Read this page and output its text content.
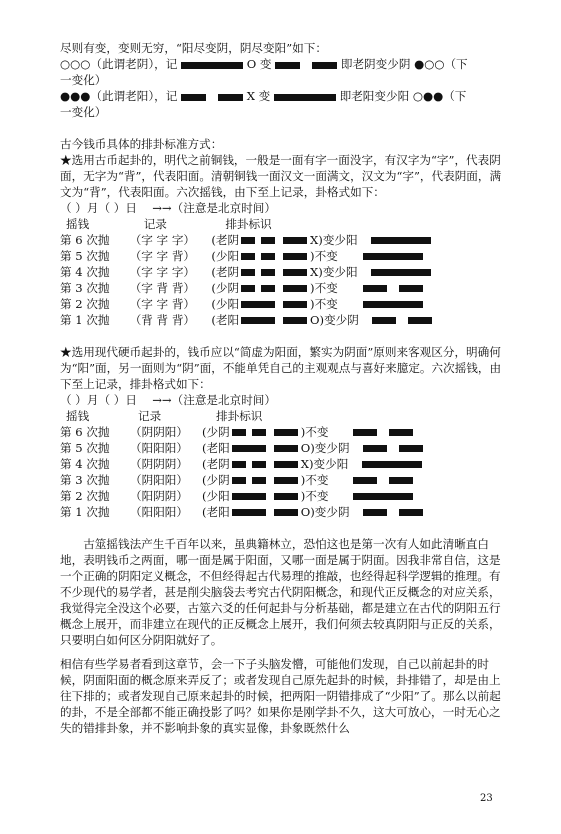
尽则有变，变则无穷，“阳尽变阴，阴尽变阳”如下：
○○○（此谓老阴），记	O 变	即老阴变少阴 ●○○（下
一变化）
●●●（此谓老阳），记	X 变	即老阳变少阳 ○●●（下
一变化）
古今钱币具体的排卦标准方式：
★选用古币起卦的，明代之前铜钱，一般是一面有字一面没字，有汉字为“字”，代表阴面，无字为“背”，代表阳面。清朝铜钱一面汉文一面满文，汉文为“字”，代表阴面，满文为“背”，代表阳面。六次摇钱，由下至上记录，卦格式如下：
（ ）月（ ）日　 →→（注意是北京时间）
摇钱	记录	排卦标识
第 6 次抛	（字 字 字）	(老阴	X) 变少阳
第 5 次抛	（字 字 背）	(少阳	) 不变
第 4 次抛	（字 字 字）	(老阴	X) 变少阳
第 3 次抛	（字 背 背）	(少阴	) 不变
第 2 次抛	（字 字 背）	(少阳	) 不变
第 1 次抛	（背 背 背）	(老阳	O) 变少阴
★选用现代硬币起卦的，钱币应以“简虚为阳面，繁实为阴面”原则来客观区分，明确何为“阳”面，另一面则为“阴”面，不能单凭自己的主观观点与喜好来臆定。六次摇钱，由下至上记录，排卦格式如下：
（ ）月（ ）日　 →→（注意是北京时间）
摇钱	记录	排卦标识
第 6 次抛	（阴阴阳）	(少阴	) 不变
第 5 次抛	（阳阳阳）	(老阳	O) 变少阴
第 4 次抛	（阴阴阴）	(老阴	X) 变少阳
第 3 次抛	（阴阳阳）	(少阴	) 不变
第 2 次抛	（阳阴阴）	(少阳	) 不变
第 1 次抛	（阳阳阳）	(老阳	O) 变少阴
古筮摇钱法产生千百年以来，虽典籍林立，恐怕这也是第一次有人如此清晰直白地，表明钱币之两面，哪一面是属于阳面，又哪一面是属于阴面。因我非常自信，这是一个正确的阴阳定义概念，不但经得起古代易理的推敲，也经得起科学逻辑的推理。有不少现代的易学者，甚是削尖脑袋去考究古代阴阳概念，和现代正反概念的对应关系，我觉得完全没这个必要，古筮六爻的任何起卦与分析基础，都是建立在古代的阴阳五行概念上展开，而非建立在现代的正反概念上展开，我们何须去较真阴阳与正反的关系，只要明白如何区分阴阳就好了。
相信有些学易者看到这章节，会一下子头脑发懵，可能他们发现，自己以前起卦的时候，阴面阳面的概念原来弄反了；或者发现自己原先起卦的时候，卦排错了，却是由上往下排的；或者发现自己原来起卦的时候，把两阳一阴错排成了“少阳”了。那么以前起的卦，不是全部都不能正确投影了吗？如果你是刚学卦不久，这大可放心，一时无心之失的错排卦象，并不影响卦象的真实显像，卦象既然什么
23
